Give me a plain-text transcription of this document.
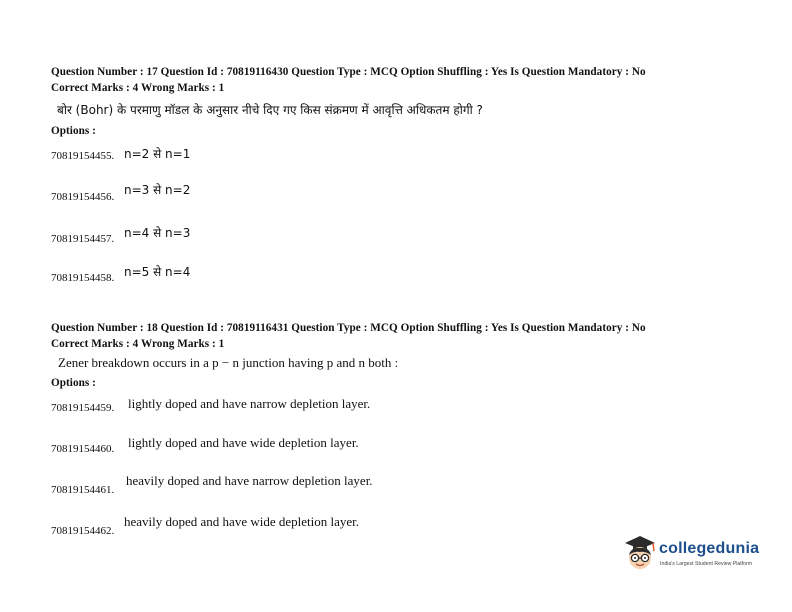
Question Number : 17 Question Id : 70819116430 Question Type : MCQ Option Shuffling : Yes Is Question Mandatory : No
Correct Marks : 4 Wrong Marks : 1
बोर (Bohr) के परमाणु मॉडल के अनुसार नीचे दिए गए किस संक्रमण में आवृत्ति अधिकतम होगी ?
Options :
70819154455. n=2 से n=1
70819154456. n=3 से n=2
70819154457. n=4 से n=3
70819154458. n=5 से n=4
Question Number : 18 Question Id : 70819116431 Question Type : MCQ Option Shuffling : Yes Is Question Mandatory : No
Correct Marks : 4 Wrong Marks : 1
Zener breakdown occurs in a p − n junction having p and n both :
Options :
70819154459. lightly doped and have narrow depletion layer.
70819154460. lightly doped and have wide depletion layer.
70819154461.
heavily doped and have narrow depletion layer.
70819154462.
heavily doped and have wide depletion layer.
collegedunia
India's Largest Student Review Platform
